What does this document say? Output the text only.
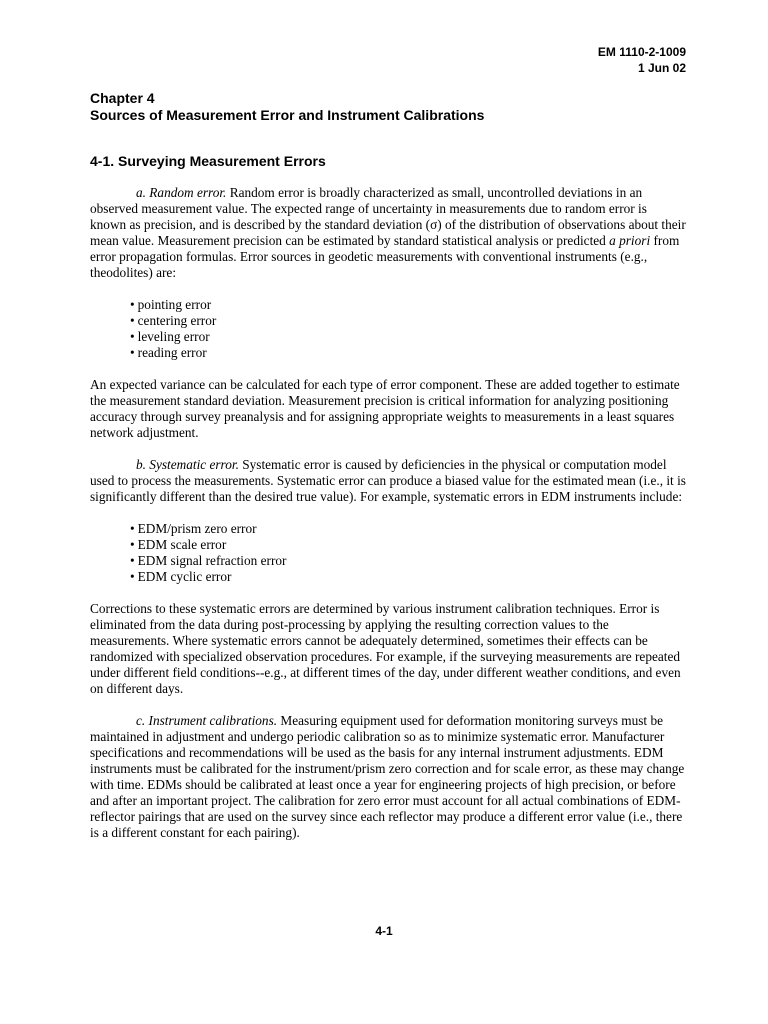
EM 1110-2-1009
1 Jun 02
Chapter 4
Sources of Measurement Error and Instrument Calibrations
4-1. Surveying Measurement Errors

a. Random error. Random error is broadly characterized as small, uncontrolled deviations in an observed measurement value. The expected range of uncertainty in measurements due to random error is known as precision, and is described by the standard deviation (σ) of the distribution of observations about their mean value. Measurement precision can be estimated by standard statistical analysis or predicted a priori from error propagation formulas. Error sources in geodetic measurements with conventional instruments (e.g., theodolites) are:

• pointing error
• centering error
• leveling error
• reading error

An expected variance can be calculated for each type of error component. These are added together to estimate the measurement standard deviation. Measurement precision is critical information for analyzing positioning accuracy through survey preanalysis and for assigning appropriate weights to measurements in a least squares network adjustment.

b. Systematic error. Systematic error is caused by deficiencies in the physical or computation model used to process the measurements. Systematic error can produce a biased value for the estimated mean (i.e., it is significantly different than the desired true value). For example, systematic errors in EDM instruments include:

• EDM/prism zero error
• EDM scale error
• EDM signal refraction error
• EDM cyclic error

Corrections to these systematic errors are determined by various instrument calibration techniques. Error is eliminated from the data during post-processing by applying the resulting correction values to the measurements. Where systematic errors cannot be adequately determined, sometimes their effects can be randomized with specialized observation procedures. For example, if the surveying measurements are repeated under different field conditions--e.g., at different times of the day, under different weather conditions, and even on different days.

c. Instrument calibrations. Measuring equipment used for deformation monitoring surveys must be maintained in adjustment and undergo periodic calibration so as to minimize systematic error. Manufacturer specifications and recommendations will be used as the basis for any internal instrument adjustments. EDM instruments must be calibrated for the instrument/prism zero correction and for scale error, as these may change with time. EDMs should be calibrated at least once a year for engineering projects of high precision, or before and after an important project. The calibration for zero error must account for all actual combinations of EDM-reflector pairings that are used on the survey since each reflector may produce a different error value (i.e., there is a different constant for each pairing).

4-1
